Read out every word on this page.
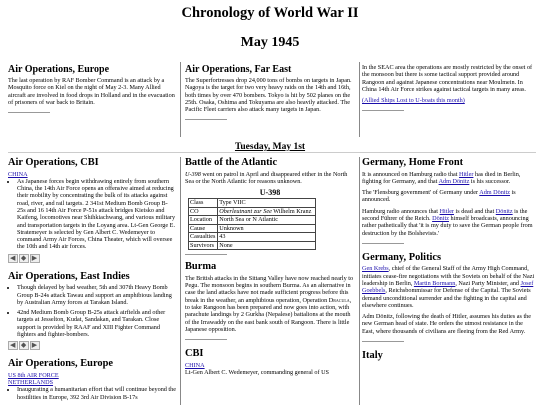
Chronology of World War II
May 1945
Air Operations, Europe

The last operation by RAF Bomber Command is an attack by a Mosquito force on Kiel on the night of May 2-3. Many Allied aircraft are involved in food drops in Holland and in the evacuation of prisoners of war back to Britain.

Air Operations, Far East

The Superfortresses drop 24,000 tons of bombs on targets in Japan. Nagoya is the target for two very heavy raids on the 14th and 16th, both times by over 470 bombers. Tokyo is hit by 502 planes on the 25th. Osaka, Oshima and Tokuyama are also heavily attacked. The Pacific Fleet carriers also attack many targets in Japan.

In the SEAC area the operations are mostly restricted by the onset of the monsoon but there is some tactical support provided around Rangoon and against Japanese concentrations near Moulmein. In China 14th Air Force strikes against tactical targets in many areas.

(Allied Ships Lost to U-boats this month)

Tuesday, May 1st
Air Operations, CBI
CHINA
• As Japanese forces begin withdrawing entirely from southern China, the 14th Air Force opens an offensive aimed at reducing their mobility by concentrating the bulk of its attacks against road, river, and rail targets. 2 341st Medium Bomb Group B-25s and 16 14th Air Force P-51s attack bridges Kieisko and Kaifeng, locomotives near Shihkiachwang, and various military and transportation targets in the Loyang area. Lt-Gen George E. Stratemeyer is selected by Gen Albert C. Wedemeyer to command Army Air Forces, China Theater, which will oversee the 10th and 14th air forces.
◀ ◆ ▶
Air Operations, East Indies
• Though delayed by bad weather, 5th and 307th Heavy Bomb Group B-24s attack Tawau and support an amphibious landing by Australian Army forces at Tarakan Island.
• 42nd Medium Bomb Group B-25s attack airfields and other targets at Jesselton, Kudat, Sandakan, and Tarakan. Close support is provided by RAAF and XIII Fighter Command fighters and fighter-bombers.
◀ ◆ ▶
Air Operations, Europe
US 8th AIR FORCE
NETHERLANDS
• Inaugurating a humanitarian effort that will continue beyond the hostilities in Europe, 392 3rd Air Division B-17s
Battle of the Atlantic

U-398 went on patrol in April and disappeared either in the North Sea or the North Atlantic for reasons unknown.

U-398
Class	Type VIIC
CO	Oberleutnant zur See Wilhelm Kranz
Location	North Sea or N Atlantic
Cause	Unknown
Casualties	43
Survivors	None
Burma

The British attacks in the Sittang Valley have now reached nearly to Pegu. The monsoon begins in southern Burma. As an alternative in case the land attacks have not made sufficient progress before this break in the weather, an amphibious operation, Operation Dracula, to take Rangoon has been prepared and now goes into action, with parachute landings by 2 Gurkha (Nepalese) battalions at the mouth of the Irrawaddy on the east bank south of Rangoon. There is little Japanese opposition.

CBI
CHINA

Lt-Gen Albert C. Wedemeyer, commanding general of US

Germany, Home Front

It is announced on Hamburg radio that Hitler has died in Berlin, fighting for Germany, and that Adm Dönitz is his successor.

The 'Flensburg government' of Germany under Adm Dönitz is announced.

Hamburg radio announces that Hitler is dead and that Dönitz is the second Führer of the Reich. Dönitz himself broadcasts, announcing rather pathetically that 'it is my duty to save the German people from destruction by the Bolshevists.'

Germany, Politics

Gen Krebs, chief of the General Staff of the Army High Command, initiates cease-fire negotiations with the Soviets on behalf of the Nazi leadership in Berlin, Martin Bormann, Nazi Party Minister, and Josef Goebbels, Reichsbommissar for Defense of the Capital. The Soviets demand unconditional surrender and the fighting in the capital and elsewhere continues.

Adm Dönitz, following the death of Hitler, assumes his duties as the new German head of state. He orders the utmost resistance in the East, where thousands of civilians are fleeing from the Red Army.

Italy
